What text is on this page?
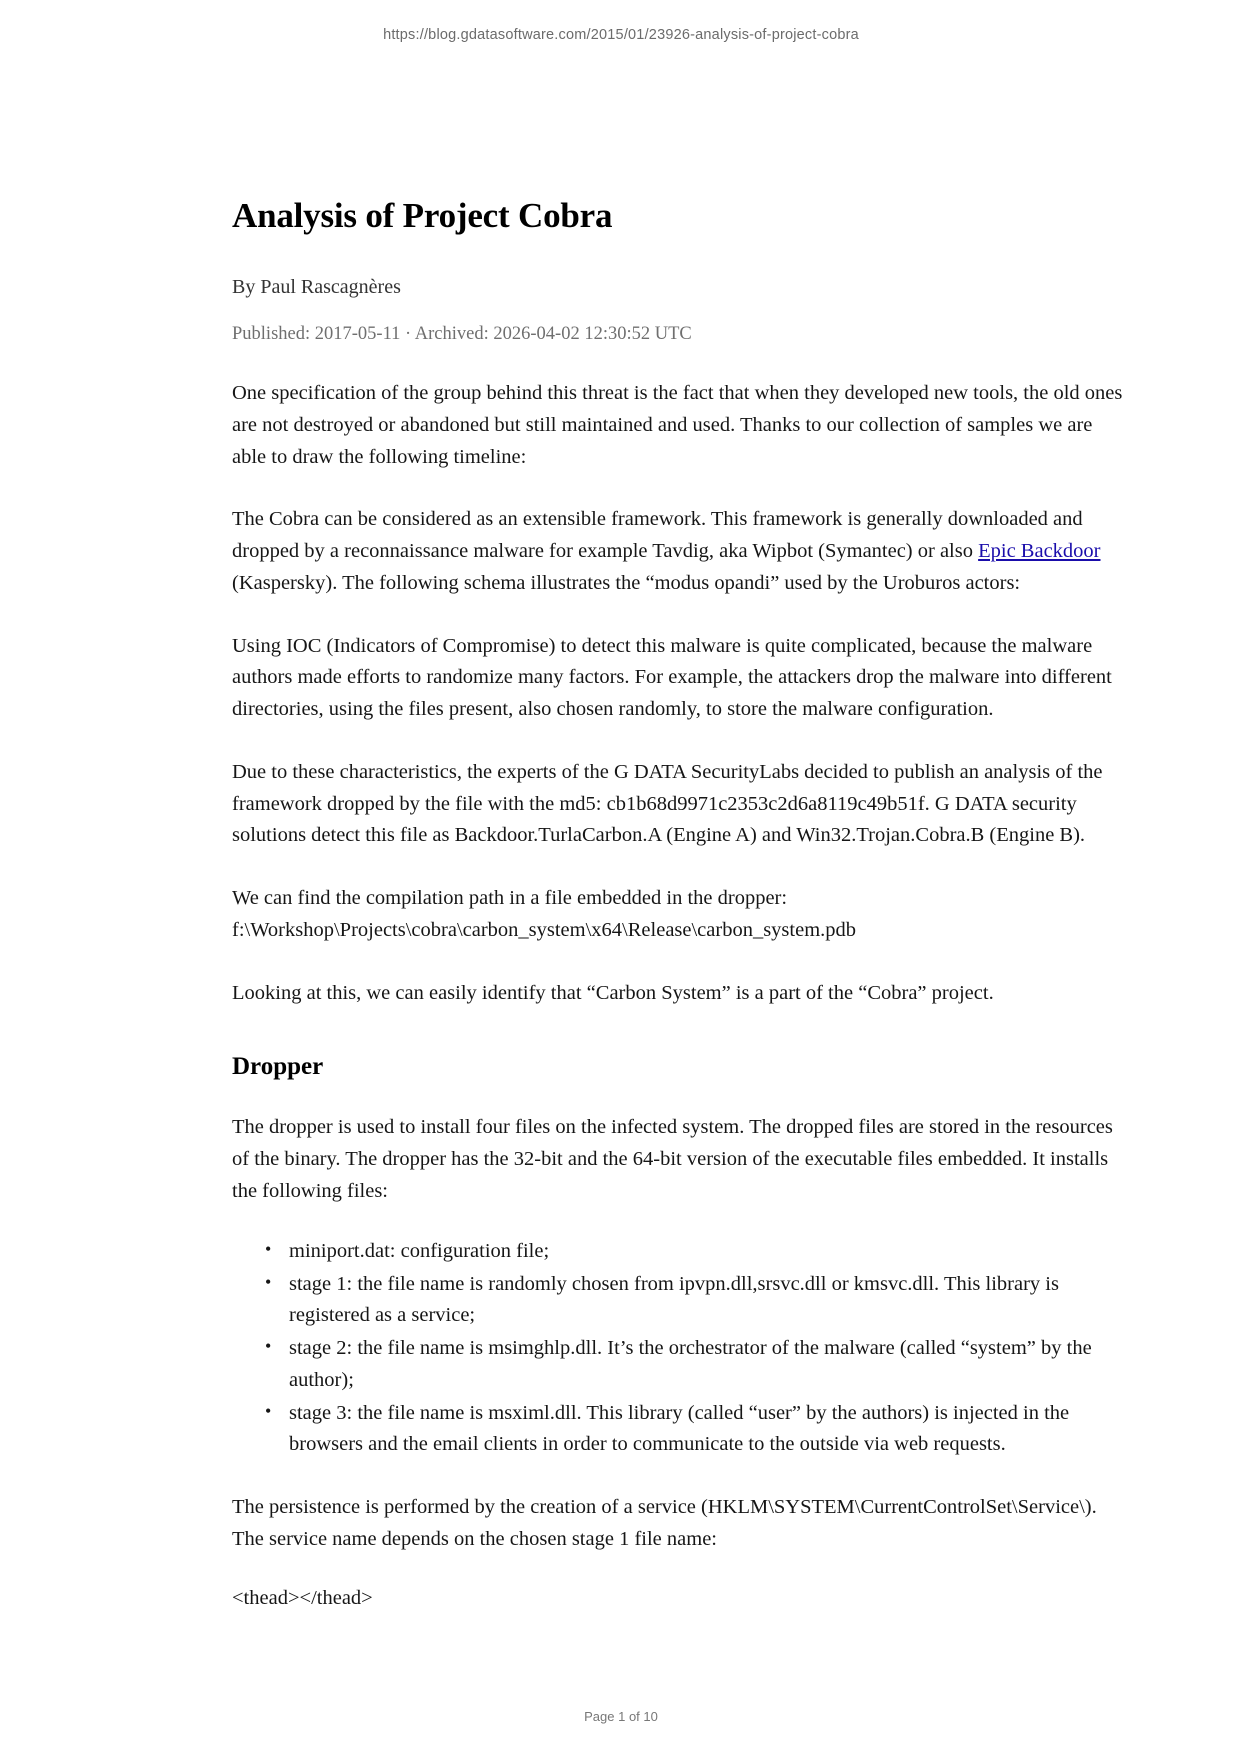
https://blog.gdatasoftware.com/2015/01/23926-analysis-of-project-cobra
Analysis of Project Cobra
By Paul Rascagnères
Published: 2017-05-11 · Archived: 2026-04-02 12:30:52 UTC

One specification of the group behind this threat is the fact that when they developed new tools, the old ones are not destroyed or abandoned but still maintained and used. Thanks to our collection of samples we are able to draw the following timeline:

The Cobra can be considered as an extensible framework. This framework is generally downloaded and dropped by a reconnaissance malware for example Tavdig, aka Wipbot (Symantec) or also Epic Backdoor (Kaspersky). The following schema illustrates the “modus opandi” used by the Uroburos actors:

Using IOC (Indicators of Compromise) to detect this malware is quite complicated, because the malware authors made efforts to randomize many factors. For example, the attackers drop the malware into different directories, using the files present, also chosen randomly, to store the malware configuration.

Due to these characteristics, the experts of the G DATA SecurityLabs decided to publish an analysis of the framework dropped by the file with the md5: cb1b68d9971c2353c2d6a8119c49b51f. G DATA security solutions detect this file as Backdoor.TurlaCarbon.A (Engine A) and Win32.Trojan.Cobra.B (Engine B).

We can find the compilation path in a file embedded in the dropper: f:\Workshop\Projects\cobra\carbon_system\x64\Release\carbon_system.pdb

Looking at this, we can easily identify that “Carbon System” is a part of the “Cobra” project.

Dropper

The dropper is used to install four files on the infected system. The dropped files are stored in the resources of the binary. The dropper has the 32-bit and the 64-bit version of the executable files embedded. It installs the following files:

• miniport.dat: configuration file;
• stage 1: the file name is randomly chosen from ipvpn.dll,srsvc.dll or kmsvc.dll. This library is registered as a service;
• stage 2: the file name is msimghlp.dll. It’s the orchestrator of the malware (called “system” by the author);
• stage 3: the file name is msximl.dll. This library (called “user” by the authors) is injected in the browsers and the email clients in order to communicate to the outside via web requests.

The persistence is performed by the creation of a service (HKLM\SYSTEM\CurrentControlSet\Service\). The service name depends on the chosen stage 1 file name:

<thead></thead>

Page 1 of 10
